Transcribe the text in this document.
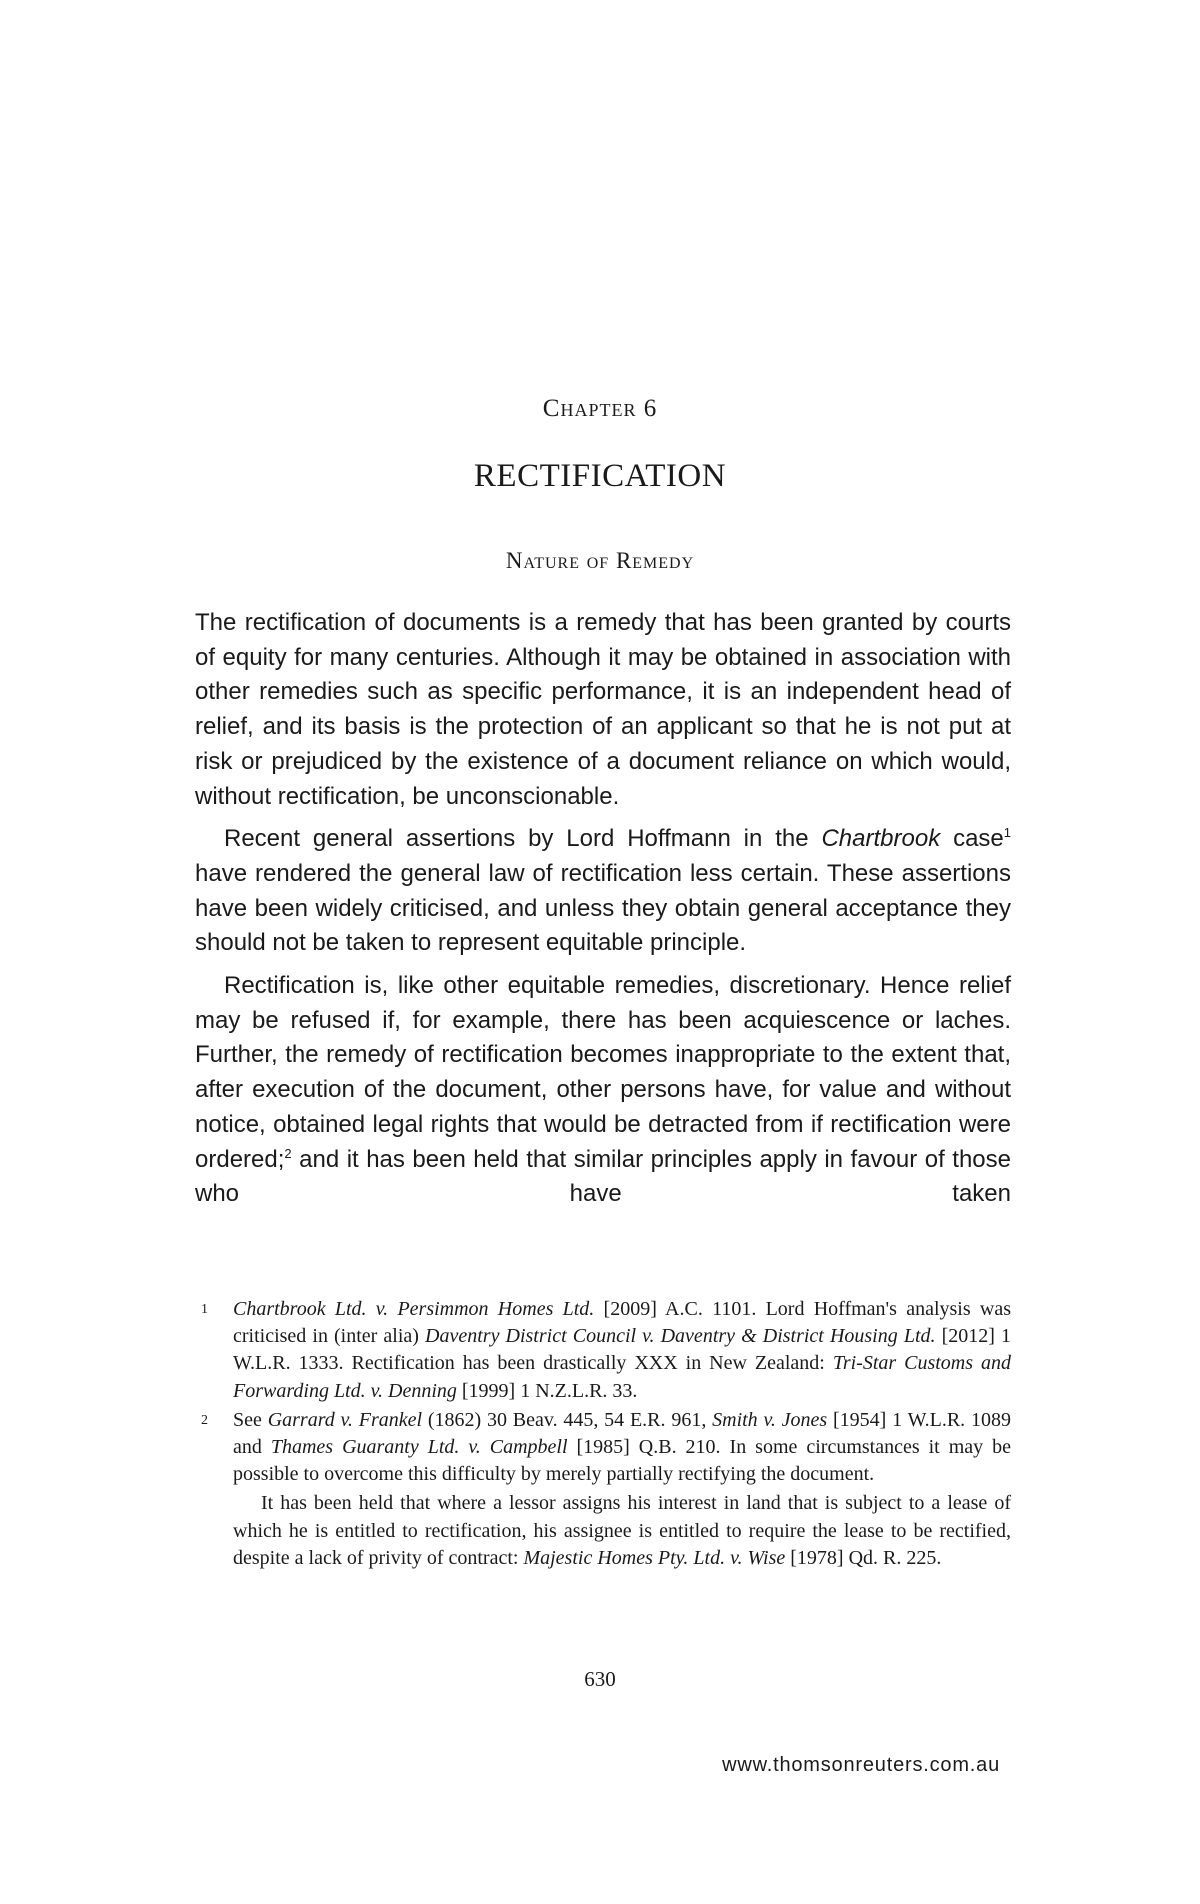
Chapter 6
RECTIFICATION
Nature of Remedy

The rectification of documents is a remedy that has been granted by courts of equity for many centuries. Although it may be obtained in association with other remedies such as specific performance, it is an independent head of relief, and its basis is the protection of an applicant so that he is not put at risk or prejudiced by the existence of a document reliance on which would, without rectification, be unconscionable.

Recent general assertions by Lord Hoffmann in the Chartbrook case$^1$ have rendered the general law of rectification less certain. These assertions have been widely criticised, and unless they obtain general acceptance they should not be taken to represent equitable principle.

Rectification is, like other equitable remedies, discretionary. Hence relief may be refused if, for example, there has been acquiescence or laches. Further, the remedy of rectification becomes inappropriate to the extent that, after execution of the document, other persons have, for value and without notice, obtained legal rights that would be detracted from if rectification were ordered;$^2$ and it has been held that similar principles apply in favour of those who have taken

1 Chartbrook Ltd. v. Persimmon Homes Ltd. [2009] A.C. 1101. Lord Hoffman's analysis was criticised in (inter alia) Daventry District Council v. Daventry & District Housing Ltd. [2012] 1 W.L.R. 1333. Rectification has been drastically XXX in New Zealand: Tri-Star Customs and Forwarding Ltd. v. Denning [1999] 1 N.Z.L.R. 33.
2 See Garrard v. Frankel (1862) 30 Beav. 445, 54 E.R. 961, Smith v. Jones [1954] 1 W.L.R. 1089 and Thames Guaranty Ltd. v. Campbell [1985] Q.B. 210. In some circumstances it may be possible to overcome this difficulty by merely partially rectifying the document.

It has been held that where a lessor assigns his interest in land that is subject to a lease of which he is entitled to rectification, his assignee is entitled to require the lease to be rectified, despite a lack of privity of contract: Majestic Homes Pty. Ltd. v. Wise [1978] Qd. R. 225.

630
www.thomsonreuters.com.au
